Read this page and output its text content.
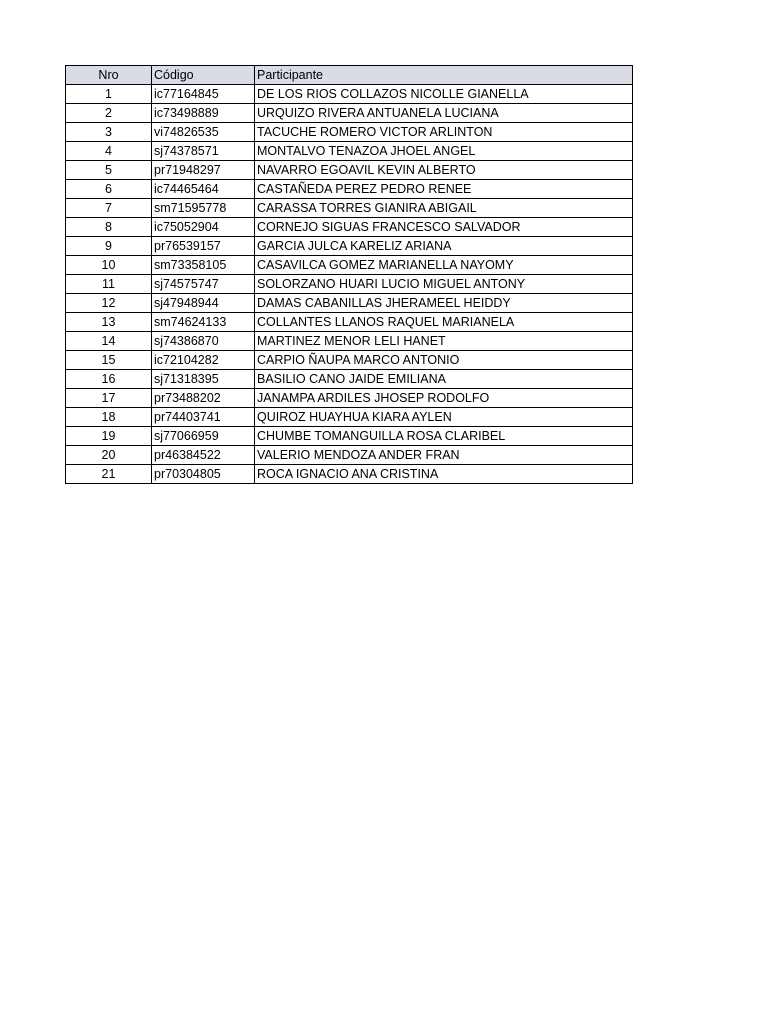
Nro	Código	Participante
1	ic77164845	DE LOS RIOS COLLAZOS NICOLLE GIANELLA
2	ic73498889	URQUIZO RIVERA ANTUANELA LUCIANA
3	vi74826535	TACUCHE ROMERO VICTOR ARLINTON
4	sj74378571	MONTALVO TENAZOA JHOEL ANGEL
5	pr71948297	NAVARRO EGOAVIL KEVIN ALBERTO
6	ic74465464	CASTAÑEDA PEREZ PEDRO RENEE
7	sm71595778	CARASSA TORRES GIANIRA ABIGAIL
8	ic75052904	CORNEJO SIGUAS FRANCESCO SALVADOR
9	pr76539157	GARCIA JULCA KARELIZ ARIANA
10	sm73358105	CASAVILCA GOMEZ MARIANELLA NAYOMY
11	sj74575747	SOLORZANO HUARI LUCIO MIGUEL ANTONY
12	sj47948944	DAMAS CABANILLAS JHERAMEEL HEIDDY
13	sm74624133	COLLANTES LLANOS RAQUEL MARIANELA
14	sj74386870	MARTINEZ MENOR LELI HANET
15	ic72104282	CARPIO ÑAUPA MARCO ANTONIO
16	sj71318395	BASILIO CANO JAIDE EMILIANA
17	pr73488202	JANAMPA ARDILES JHOSEP RODOLFO
18	pr74403741	QUIROZ HUAYHUA KIARA AYLEN
19	sj77066959	CHUMBE TOMANGUILLA ROSA CLARIBEL
20	pr46384522	VALERIO MENDOZA ANDER FRAN
21	pr70304805	ROCA IGNACIO ANA CRISTINA
